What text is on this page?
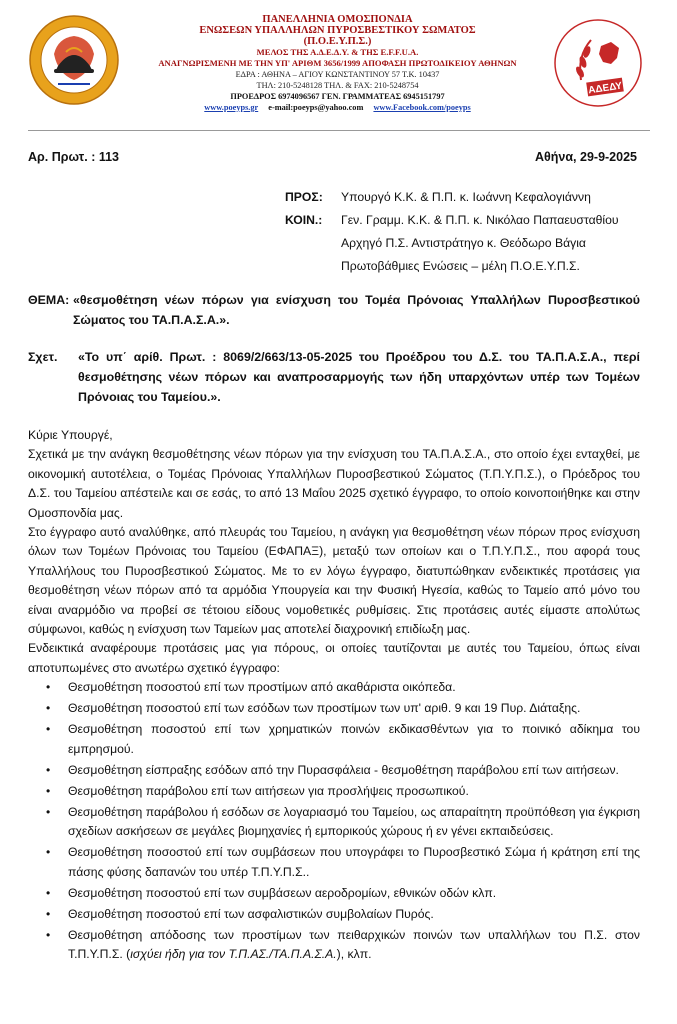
ΑΔΕΔΥ
ΠΑΝΕΛΛΗΝΙΑ ΟΜΟΣΠΟΝΔΙΑ
ΕΝΩΣΕΩΝ ΥΠΑΛΛΗΛΩΝ ΠΥΡΟΣΒΕΣΤΙΚΟΥ ΣΩΜΑΤΟΣ
(Π.Ο.Ε.Υ.Π.Σ.)
ΜΕΛΟΣ ΤΗΣ Α.Δ.Ε.Δ.Υ. & ΤΗΣ E.F.F.U.A.
ΑΝΑΓΝΩΡΙΣΜΕΝΗ ΜΕ ΤΗΝ ΥΠ' ΑΡΙΘΜ 3656/1999 ΑΠΟΦΑΣΗ ΠΡΩΤΟΔΙΚΕΙΟΥ ΑΘΗΝΩΝ
ΕΔΡΑ : ΑΘΗΝΑ – ΑΓΙΟΥ ΚΩΝΣΤΑΝΤΙΝΟΥ 57 Τ.Κ. 10437
ΤΗΛ: 210-5248128 ΤΗΛ. & FAX: 210-5248754
ΠΡΟΕΔΡΟΣ 6974096567 ΓΕΝ. ΓΡΑΜΜΑΤΕΑΣ 6945151797
www.poeyps.gr e-mail:poeyps@yahoo.com www.Facebook.com/poeyps
Αρ. Πρωτ. : 113	Αθήνα, 29-9-2025
ΠΡΟΣ:	Υπουργό Κ.Κ. & Π.Π. κ. Ιωάννη Κεφαλογιάννη
ΚΟΙΝ.:	Γεν. Γραμμ. Κ.Κ. & Π.Π. κ. Νικόλαο Παπαευσταθίου
Αρχηγό Π.Σ. Αντιστράτηγο κ. Θεόδωρο Βάγια
Πρωτοβάθμιες Ενώσεις – μέλη Π.Ο.Ε.Υ.Π.Σ.
ΘΕΜΑ: «θεσμοθέτηση νέων πόρων για ενίσχυση του Τομέα Πρόνοιας Υπαλλήλων Πυροσβεστικού Σώματος του ΤΑ.Π.Α.Σ.Α.».
Σχετ. «Το υπ΄ αρίθ. Πρωτ. : 8069/2/663/13-05-2025 του Προέδρου του Δ.Σ. του ΤΑ.Π.Α.Σ.Α., περί θεσμοθέτησης νέων πόρων και αναπροσαρμογής των ήδη υπαρχόντων υπέρ των Τομέων Πρόνοιας του Ταμείου.».

Κύριε Υπουργέ,

Σχετικά με την ανάγκη θεσμοθέτησης νέων πόρων για την ενίσχυση του ΤΑ.Π.Α.Σ.Α., στο οποίο έχει ενταχθεί, με οικονομική αυτοτέλεια, ο Τομέας Πρόνοιας Υπαλλήλων Πυροσβεστικού Σώματος (Τ.Π.Υ.Π.Σ.), ο Πρόεδρος του Δ.Σ. του Ταμείου απέστειλε και σε εσάς, το από 13 Μαΐου 2025 σχετικό έγγραφο, το οποίο κοινοποιήθηκε και στην Ομοσπονδία μας.

Στο έγγραφο αυτό αναλύθηκε, από πλευράς του Ταμείου, η ανάγκη για θεσμοθέτηση νέων πόρων προς ενίσχυση όλων των Τομέων Πρόνοιας του Ταμείου (ΕΦΑΠΑΞ), μεταξύ των οποίων και ο Τ.Π.Υ.Π.Σ., που αφορά τους Υπαλλήλους του Πυροσβεστικού Σώματος. Με το εν λόγω έγγραφο, διατυπώθηκαν ενδεικτικές προτάσεις για θεσμοθέτηση νέων πόρων από τα αρμόδια Υπουργεία και την Φυσική Ηγεσία, καθώς το Ταμείο από μόνο του είναι αναρμόδιο να προβεί σε τέτοιου είδους νομοθετικές ρυθμίσεις. Στις προτάσεις αυτές είμαστε απολύτως σύμφωνοι, καθώς η ενίσχυση των Ταμείων μας αποτελεί διαχρονική επιδίωξη μας.

Ενδεικτικά αναφέρουμε προτάσεις μας για πόρους, οι οποίες ταυτίζονται με αυτές του Ταμείου, όπως είναι αποτυπωμένες στο ανωτέρω σχετικό έγγραφο:

• Θεσμοθέτηση ποσοστού επί των προστίμων από ακαθάριστα οικόπεδα.
• Θεσμοθέτηση ποσοστού επί των εσόδων των προστίμων των υπ' αριθ. 9 και 19 Πυρ. Διάταξης.
• Θεσμοθέτηση ποσοστού επί των χρηματικών ποινών εκδικασθέντων για το ποινικό αδίκημα του εμπρησμού.
• Θεσμοθέτηση είσπραξης εσόδων από την Πυρασφάλεια - θεσμοθέτηση παράβολου επί των αιτήσεων.
• Θεσμοθέτηση παράβολου επί των αιτήσεων για προσλήψεις προσωπικού.
• Θεσμοθέτηση παράβολου ή εσόδων σε λογαριασμό του Ταμείου, ως απαραίτητη προϋπόθεση για έγκριση σχεδίων ασκήσεων σε μεγάλες βιομηχανίες ή εμπορικούς χώρους ή εν γένει εκπαιδεύσεις.
• Θεσμοθέτηση ποσοστού επί των συμβάσεων που υπογράφει το Πυροσβεστικό Σώμα ή κράτηση επί της πάσης φύσης δαπανών του υπέρ Τ.Π.Υ.Π.Σ..
• Θεσμοθέτηση ποσοστού επί των συμβάσεων αεροδρομίων, εθνικών οδών κλπ.
• Θεσμοθέτηση ποσοστού επί των ασφαλιστικών συμβολαίων Πυρός.
• Θεσμοθέτηση απόδοσης των προστίμων των πειθαρχικών ποινών των υπαλλήλων του Π.Σ. στον Τ.Π.Υ.Π.Σ. (ισχύει ήδη για τον Τ.Π.ΑΣ./ΤΑ.Π.Α.Σ.Α.), κλπ.
